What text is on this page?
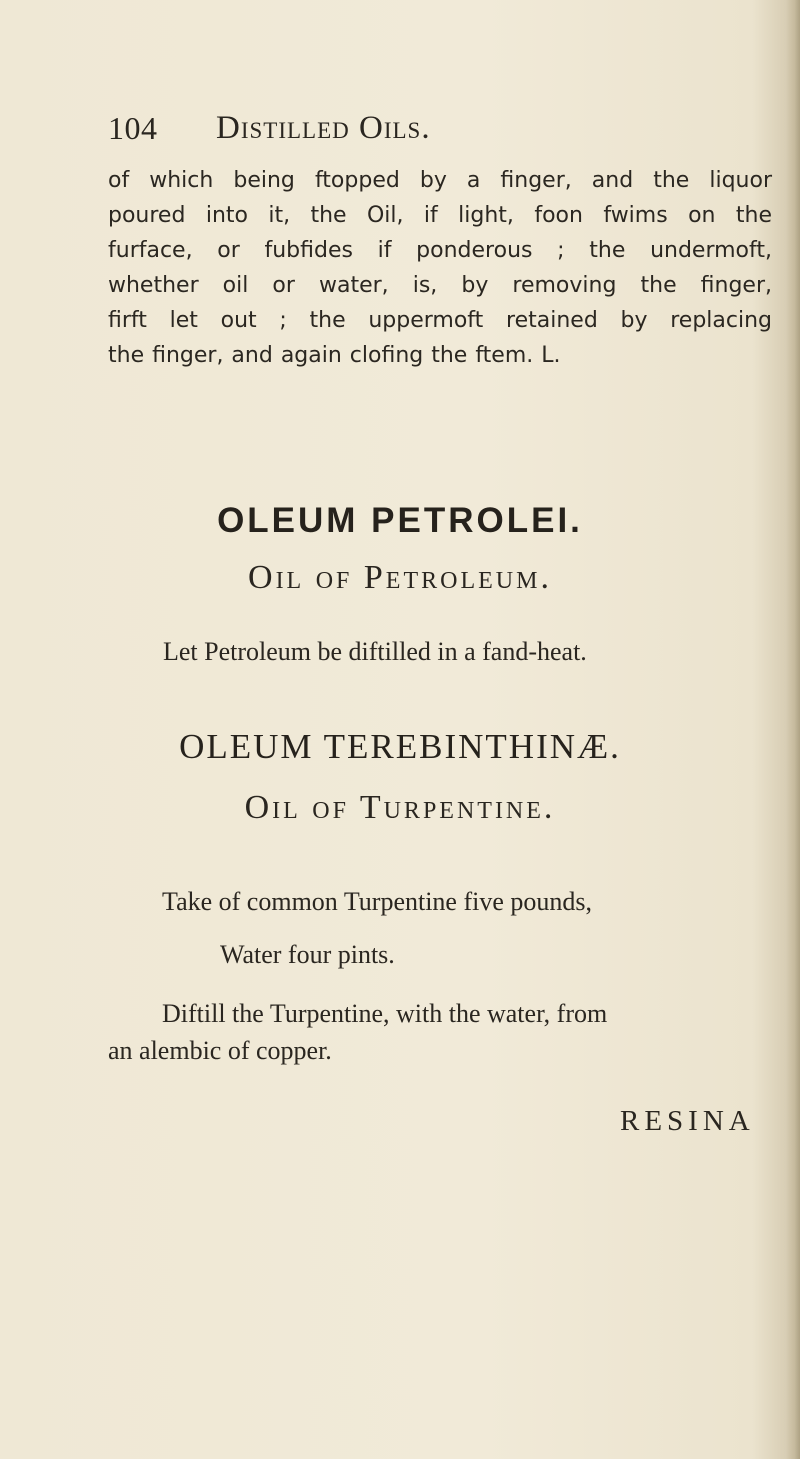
104 Distilled Oils.
of which being ftopped by a finger, and the liquor
poured into it, the Oil, if light, foon fwims on the
furface, or fubfides if ponderous ; the undermoft,
whether oil or water, is, by removing the finger,
firft let out ; the uppermoft retained by replacing
the finger, and again clofing the ftem. L.
OLEUM PETROLEI.
Oil of Petroleum.
Let Petroleum be diftilled in a fand-heat.
OLEUM TEREBINTHINÆ.
Oil of Turpentine.
Take of common Turpentine five pounds,
Water four pints.
Diftill the Turpentine, with the water, from
an alembic of copper.
RESINA
